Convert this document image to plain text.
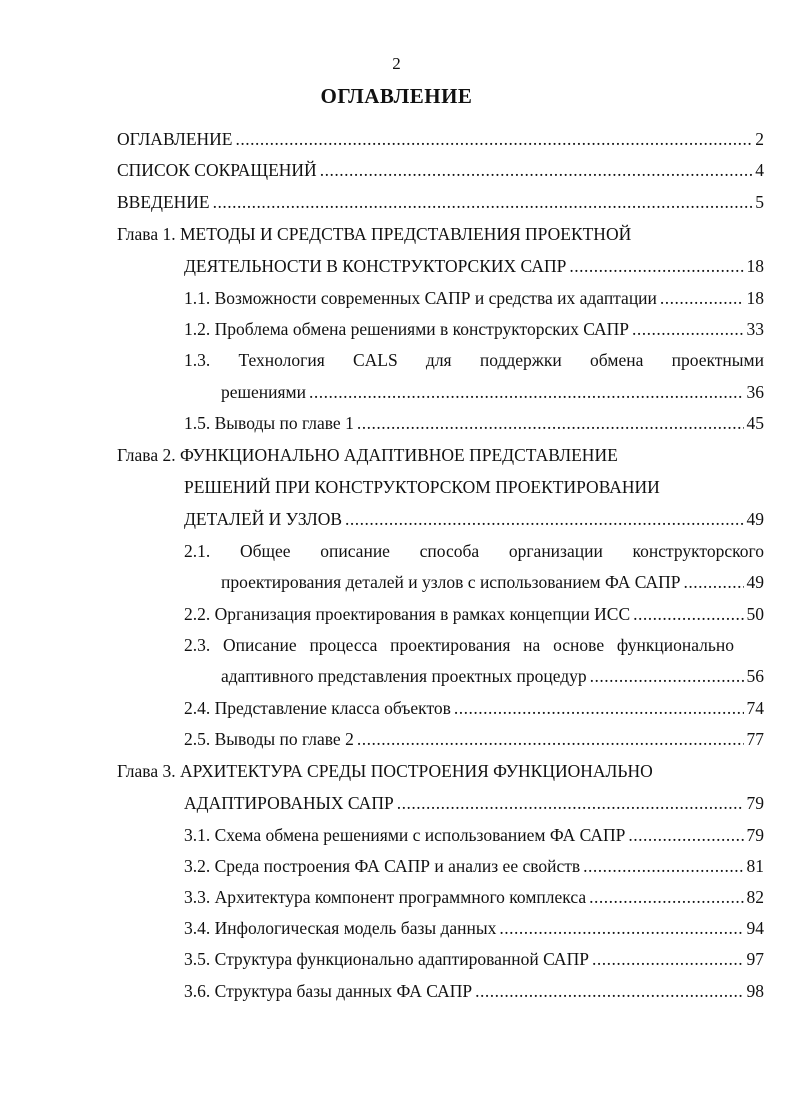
2
ОГЛАВЛЕНИЕ
ОГЛАВЛЕНИЕ .....	2
СПИСОК СОКРАЩЕНИЙ .....	4
ВВЕДЕНИЕ .....	5
Глава 1. МЕТОДЫ И СРЕДСТВА ПРЕДСТАВЛЕНИЯ ПРОЕКТНОЙ
ДЕЯТЕЛЬНОСТИ В КОНСТРУКТОРСКИХ САПР .....	18
1.1. Возможности современных САПР и средства их адаптации .....	18
1.2. Проблема обмена решениями в конструкторских САПР .....	33
1.3. Технология CALS для поддержки обмена проектными
решениями .....	36
1.5. Выводы по главе 1 .....	45
Глава 2. ФУНКЦИОНАЛЬНО АДАПТИВНОЕ ПРЕДСТАВЛЕНИЕ
РЕШЕНИЙ ПРИ КОНСТРУКТОРСКОМ ПРОЕКТИРОВАНИИ
ДЕТАЛЕЙ И УЗЛОВ .....	49
2.1. Общее описание способа организации конструкторского
проектирования деталей и узлов с использованием ФА САПР .....	49
2.2. Организация проектирования в рамках концепции ИСС .....	50
2.3. Описание процесса проектирования на основе функционально
адаптивного представления проектных процедур .....	56
2.4. Представление класса объектов .....	74
2.5. Выводы по главе 2 .....	77
Глава 3. АРХИТЕКТУРА СРЕДЫ ПОСТРОЕНИЯ ФУНКЦИОНАЛЬНО
АДАПТИРОВАНЫХ САПР .....	79
3.1. Схема обмена решениями с использованием ФА САПР .....	79
3.2. Среда построения ФА САПР и анализ ее свойств .....	81
3.3. Архитектура компонент программного комплекса .....	82
3.4. Инфологическая модель базы данных .....	94
3.5. Структура функционально адаптированной САПР .....	97
3.6. Структура базы данных ФА САПР .....	98
